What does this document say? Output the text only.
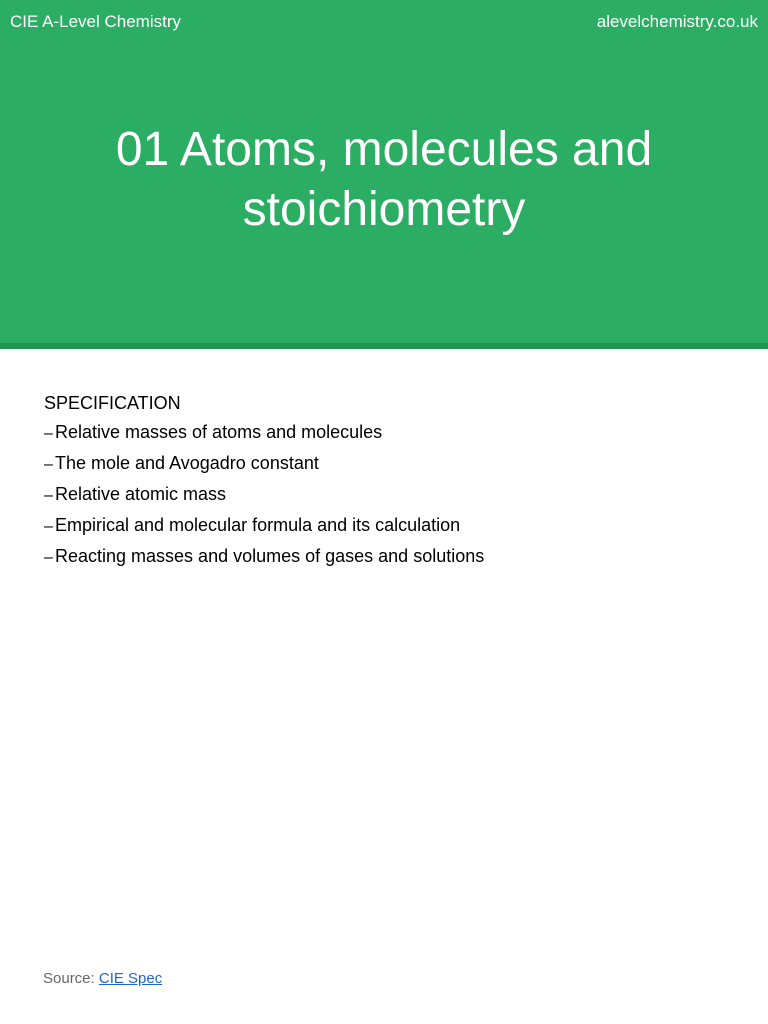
CIE A-Level Chemistry	alevelchemistry.co.uk
01 Atoms, molecules and
stoichiometry
SPECIFICATION
– Relative masses of atoms and molecules
– The mole and Avogadro constant
– Relative atomic mass
– Empirical and molecular formula and its calculation
– Reacting masses and volumes of gases and solutions
Source: CIE Spec
